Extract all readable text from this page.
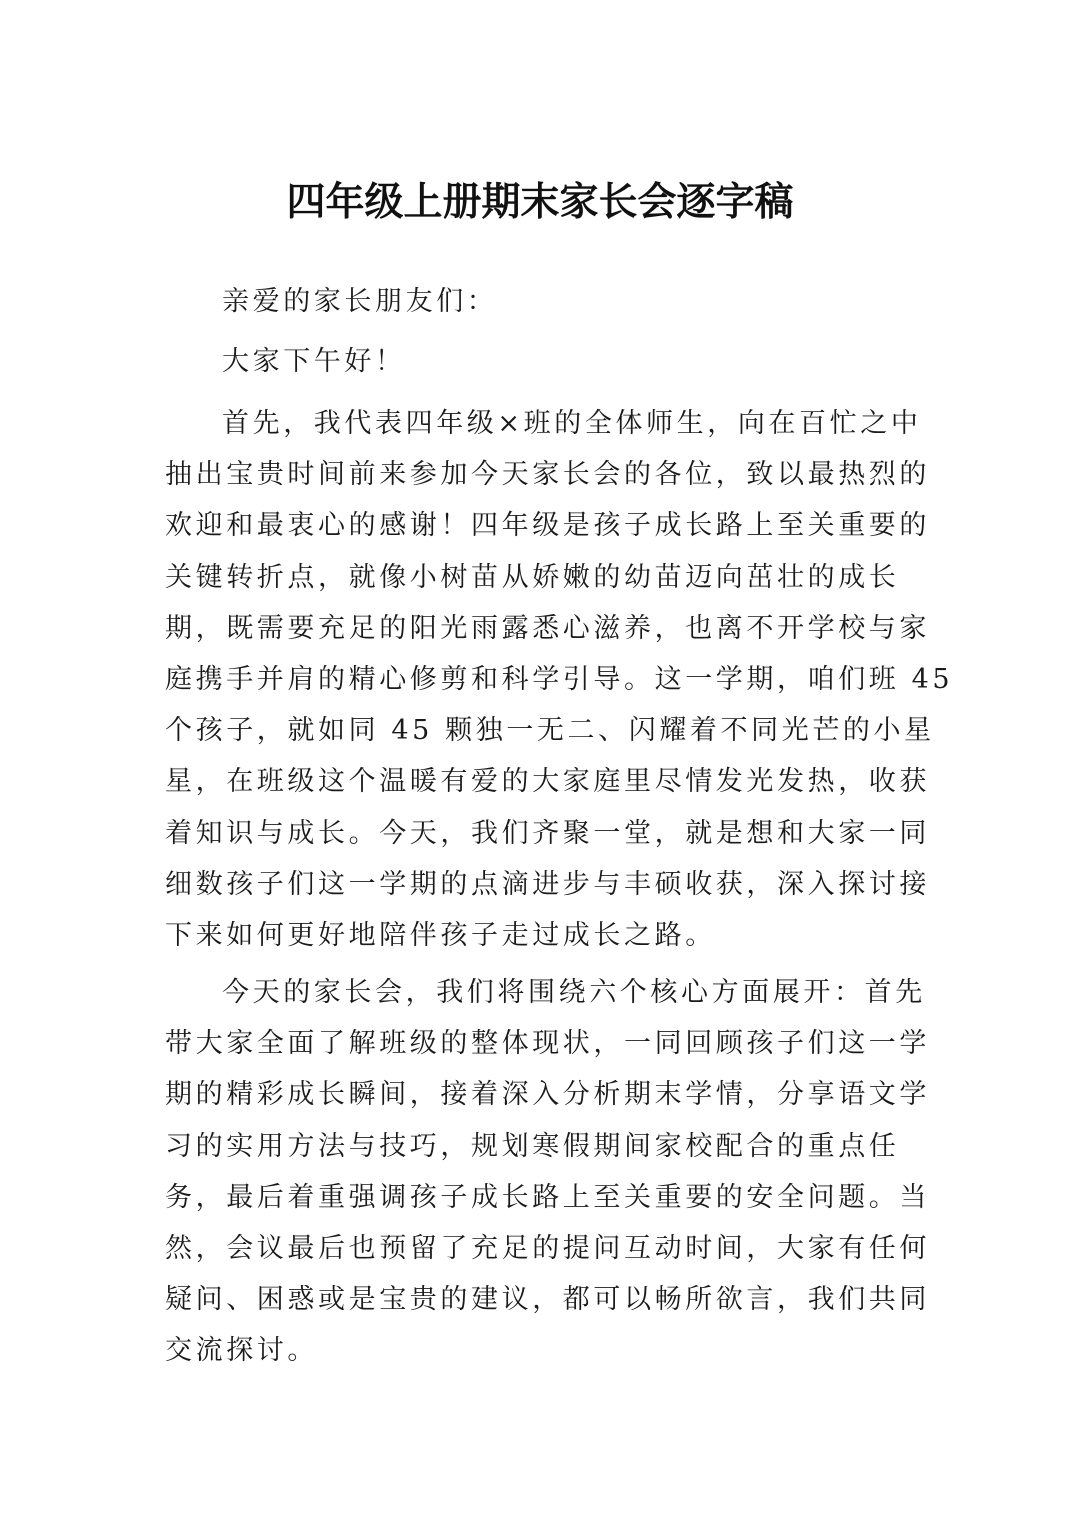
四年级上册期末家长会逐字稿
亲爱的家长朋友们：
大家下午好！
首先，我代表四年级×班的全体师生，向在百忙之中
抽出宝贵时间前来参加今天家长会的各位，致以最热烈的
欢迎和最衷心的感谢！四年级是孩子成长路上至关重要的
关键转折点，就像小树苗从娇嫩的幼苗迈向茁壮的成长
期，既需要充足的阳光雨露悉心滋养，也离不开学校与家
庭携手并肩的精心修剪和科学引导。这一学期，咱们班 45
个孩子，就如同 45 颗独一无二、闪耀着不同光芒的小星
星，在班级这个温暖有爱的大家庭里尽情发光发热，收获
着知识与成长。今天，我们齐聚一堂，就是想和大家一同
细数孩子们这一学期的点滴进步与丰硕收获，深入探讨接
下来如何更好地陪伴孩子走过成长之路。
今天的家长会，我们将围绕六个核心方面展开：首先
带大家全面了解班级的整体现状，一同回顾孩子们这一学
期的精彩成长瞬间，接着深入分析期末学情，分享语文学
习的实用方法与技巧，规划寒假期间家校配合的重点任
务，最后着重强调孩子成长路上至关重要的安全问题。当
然，会议最后也预留了充足的提问互动时间，大家有任何
疑问、困惑或是宝贵的建议，都可以畅所欲言，我们共同
交流探讨。
